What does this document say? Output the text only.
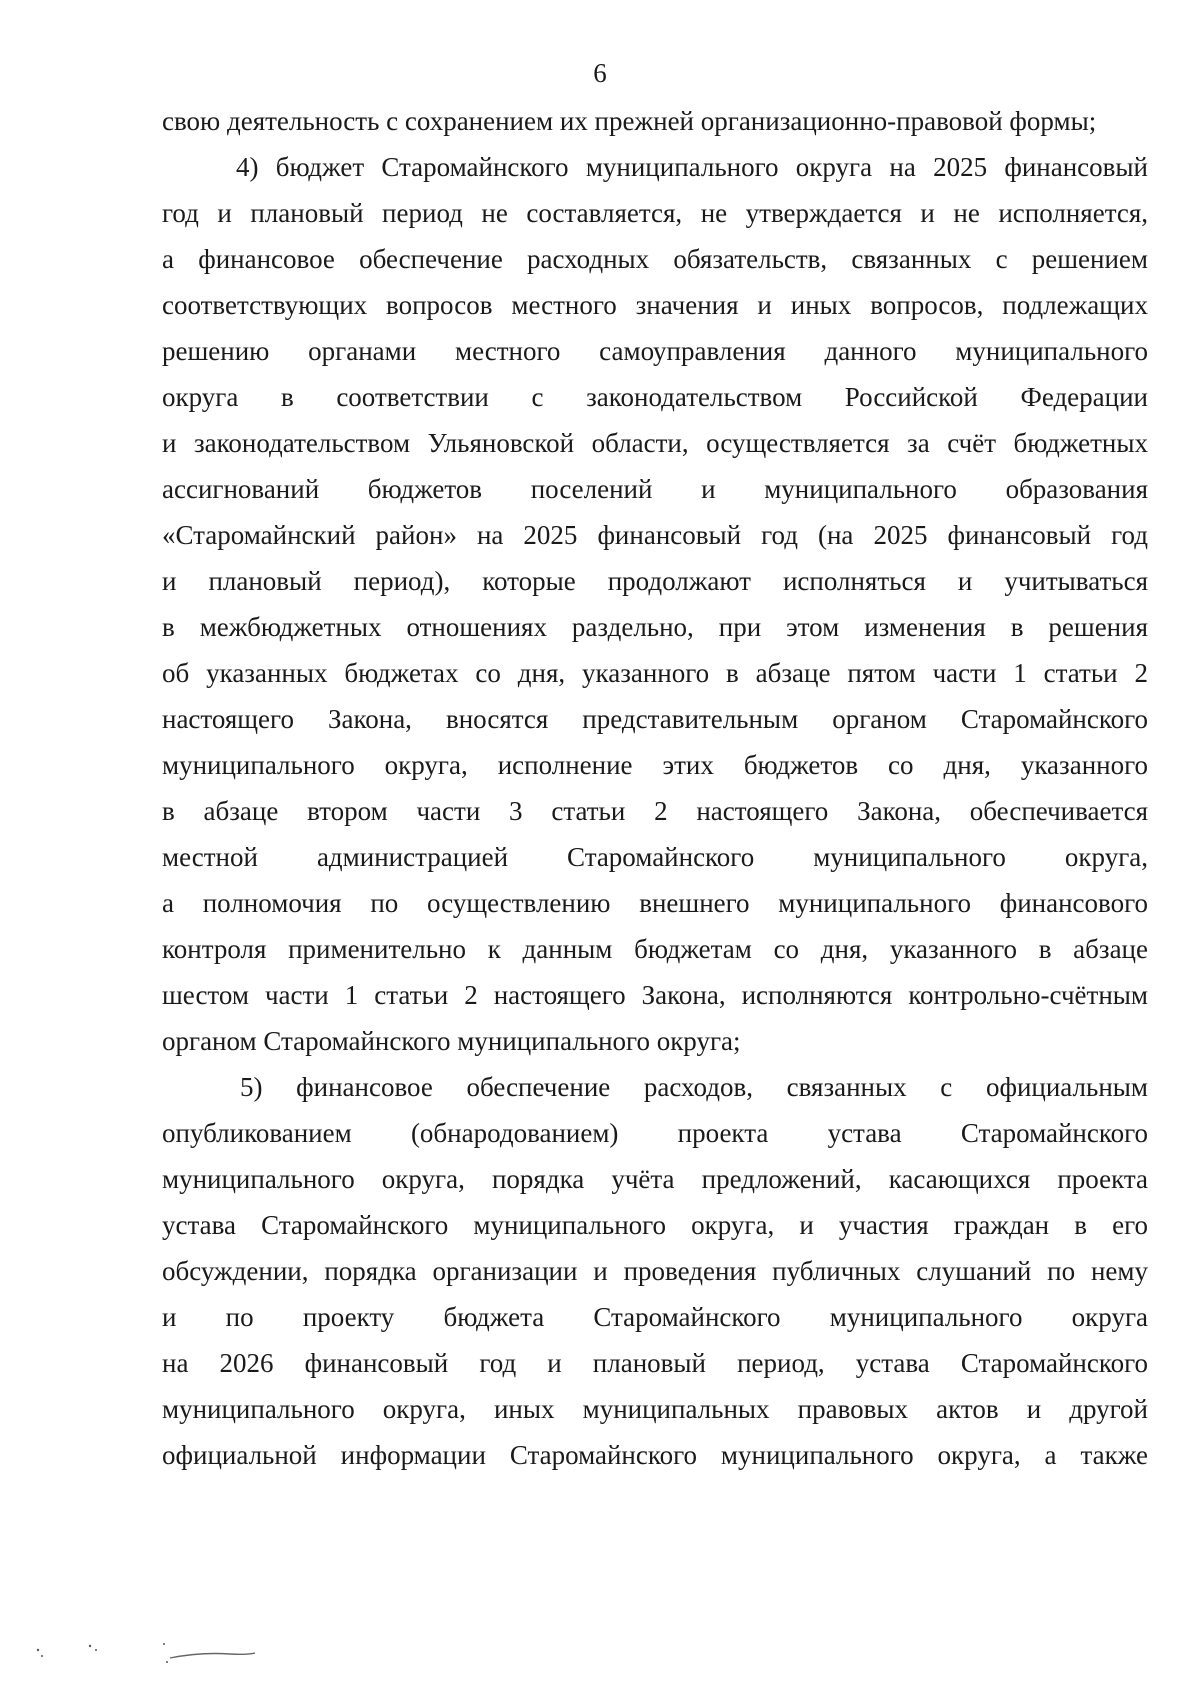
6
свою деятельность с сохранением их прежней организационно-правовой формы;
4) бюджет Старомайнского муниципального округа на 2025 финансовый
год и плановый период не составляется, не утверждается и не исполняется,
а финансовое обеспечение расходных обязательств, связанных с решением
соответствующих вопросов местного значения и иных вопросов, подлежащих
решению органами местного самоуправления данного муниципального
округа в соответствии с законодательством Российской Федерации
и законодательством Ульяновской области, осуществляется за счёт бюджетных
ассигнований бюджетов поселений и муниципального образования
«Старомайнский район» на 2025 финансовый год (на 2025 финансовый год
и плановый период), которые продолжают исполняться и учитываться
в межбюджетных отношениях раздельно, при этом изменения в решения
об указанных бюджетах со дня, указанного в абзаце пятом части 1 статьи 2
настоящего Закона, вносятся представительным органом Старомайнского
муниципального округа, исполнение этих бюджетов со дня, указанного
в абзаце втором части 3 статьи 2 настоящего Закона, обеспечивается
местной администрацией Старомайнского муниципального округа,
а полномочия по осуществлению внешнего муниципального финансового
контроля применительно к данным бюджетам со дня, указанного в абзаце
шестом части 1 статьи 2 настоящего Закона, исполняются контрольно-счётным
органом Старомайнского муниципального округа;
5) финансовое обеспечение расходов, связанных с официальным
опубликованием (обнародованием) проекта устава Старомайнского
муниципального округа, порядка учёта предложений, касающихся проекта
устава Старомайнского муниципального округа, и участия граждан в его
обсуждении, порядка организации и проведения публичных слушаний по нему
и по проекту бюджета Старомайнского муниципального округа
на 2026 финансовый год и плановый период, устава Старомайнского
муниципального округа, иных муниципальных правовых актов и другой
официальной информации Старомайнского муниципального округа, а также
